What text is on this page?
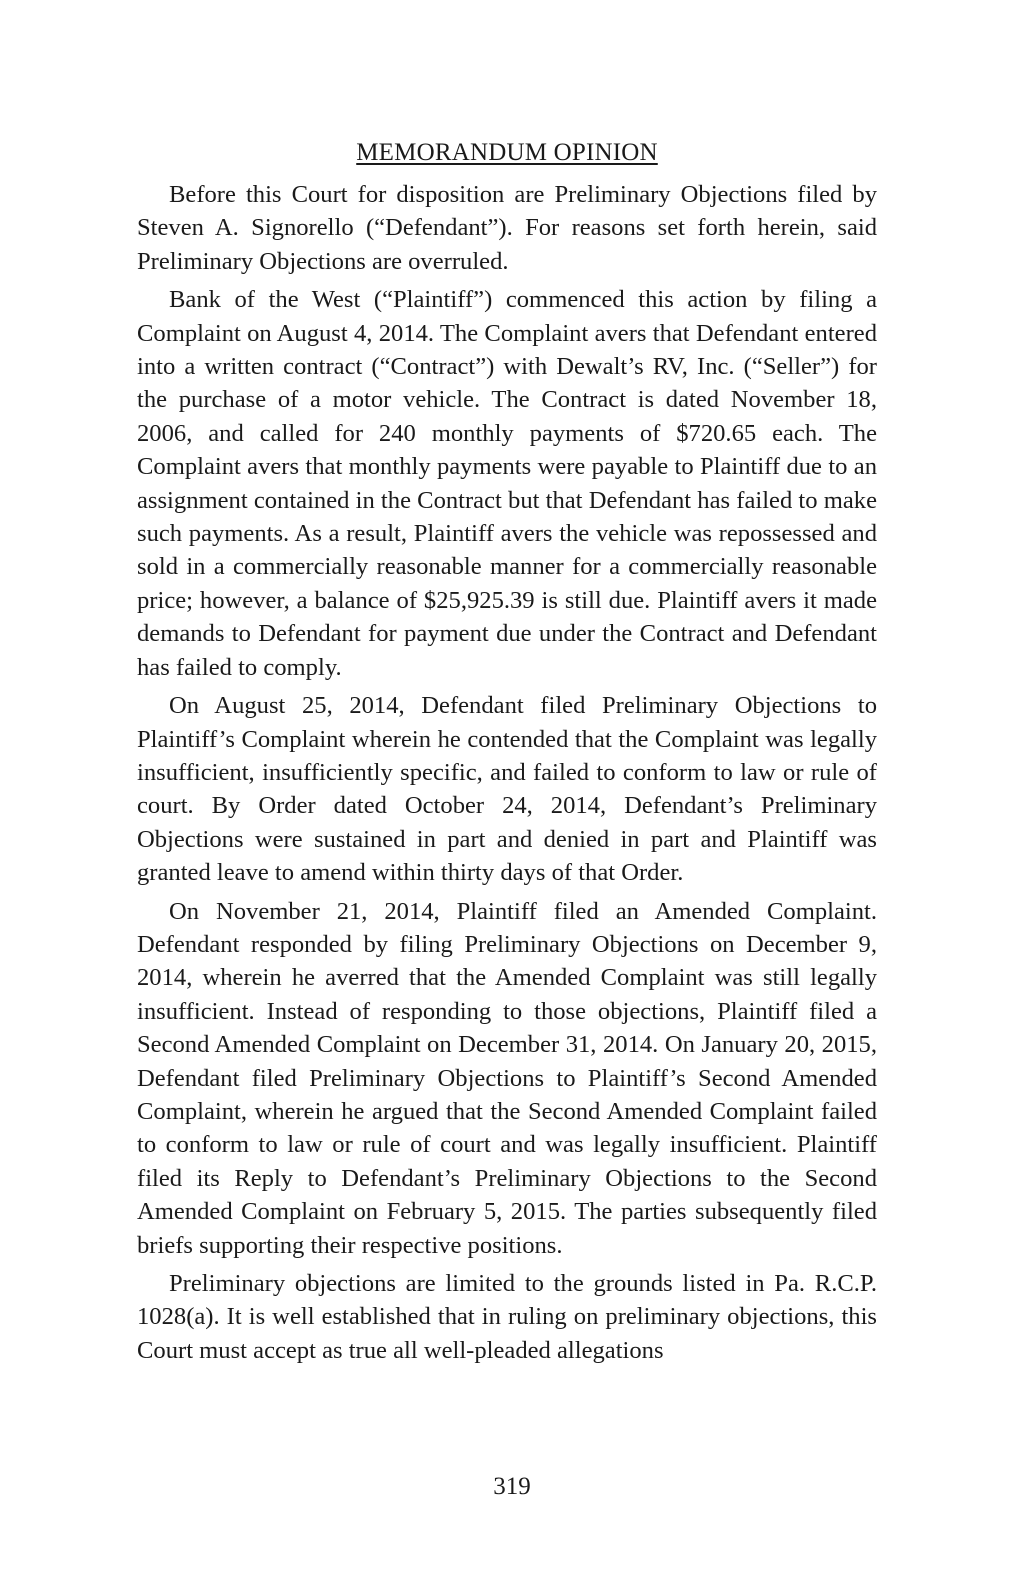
MEMORANDUM OPINION

Before this Court for disposition are Preliminary Objections filed by Steven A. Signorello (“Defendant”). For reasons set forth herein, said Preliminary Objections are overruled.

Bank of the West (“Plaintiff”) commenced this action by filing a Complaint on August 4, 2014. The Complaint avers that Defendant entered into a written contract (“Contract”) with Dewalt’s RV, Inc. (“Seller”) for the purchase of a motor vehicle. The Contract is dated November 18, 2006, and called for 240 monthly payments of $720.65 each. The Complaint avers that monthly payments were payable to Plaintiff due to an assignment contained in the Contract but that Defendant has failed to make such payments. As a result, Plaintiff avers the vehicle was repossessed and sold in a commercially reasonable manner for a commercially reasonable price; however, a balance of $25,925.39 is still due. Plaintiff avers it made demands to Defendant for payment due under the Contract and Defendant has failed to comply.

On August 25, 2014, Defendant filed Preliminary Objections to Plaintiff’s Complaint wherein he contended that the Complaint was legally insufficient, insufficiently specific, and failed to conform to law or rule of court. By Order dated October 24, 2014, Defendant’s Preliminary Objections were sustained in part and denied in part and Plaintiff was granted leave to amend within thirty days of that Order.

On November 21, 2014, Plaintiff filed an Amended Complaint. Defendant responded by filing Preliminary Objections on December 9, 2014, wherein he averred that the Amended Complaint was still legally insufficient. Instead of responding to those objections, Plaintiff filed a Second Amended Complaint on December 31, 2014. On January 20, 2015, Defendant filed Preliminary Objections to Plaintiff’s Second Amended Complaint, wherein he argued that the Second Amended Complaint failed to conform to law or rule of court and was legally insufficient. Plaintiff filed its Reply to Defendant’s Preliminary Objections to the Second Amended Complaint on February 5, 2015. The parties subsequently filed briefs supporting their respective positions.

Preliminary objections are limited to the grounds listed in Pa. R.C.P. 1028(a). It is well established that in ruling on preliminary objections, this Court must accept as true all well-pleaded allegations

319
